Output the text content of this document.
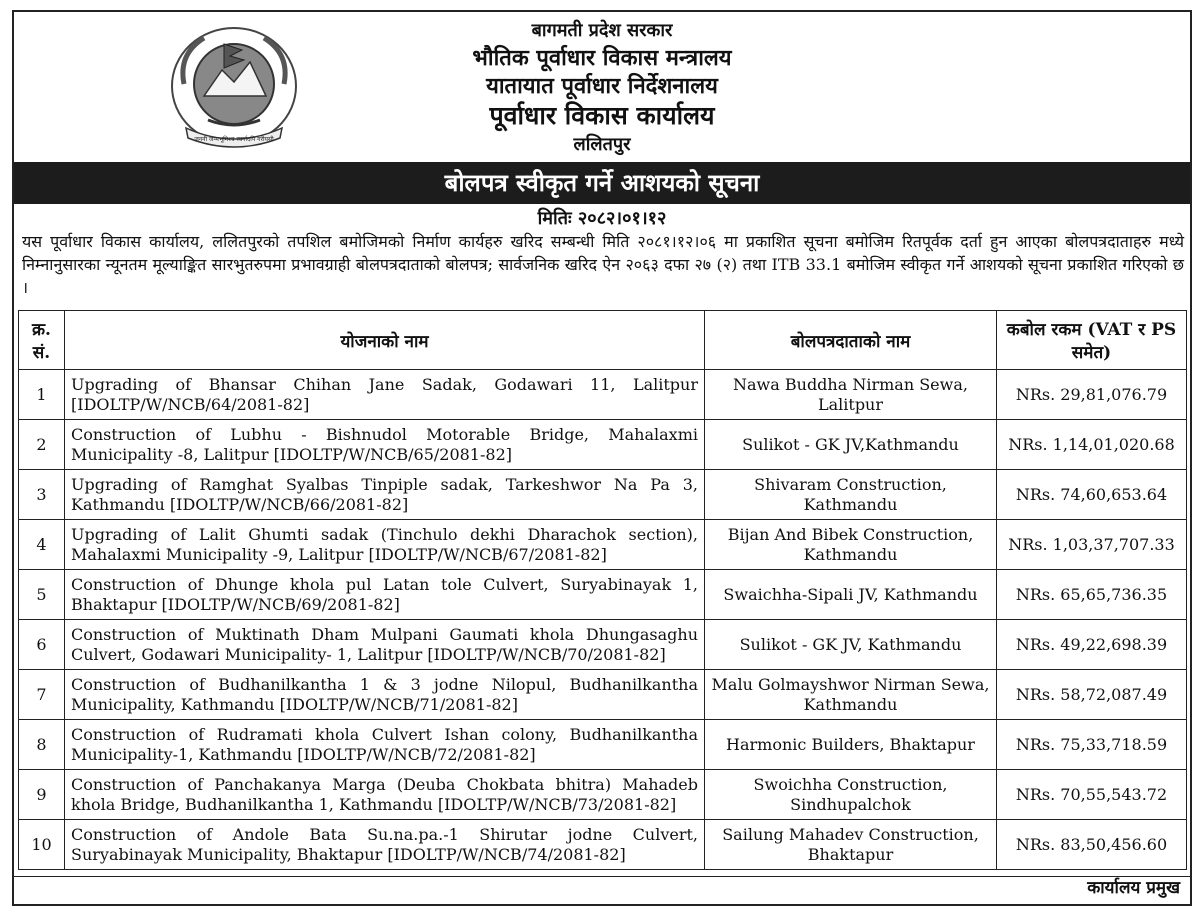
जननी जन्मभूमिश्च स्वर्गादपि गरीयसी
बागमती प्रदेश सरकार
भौतिक पूर्वाधार विकास मन्त्रालय
यातायात पूर्वाधार निर्देशनालय
पूर्वाधार विकास कार्यालय
ललितपुर
बोलपत्र स्वीकृत गर्ने आशयको सूचना
मितिः २०८२।०१।१२
यस पूर्वाधार विकास कार्यालय, ललितपुरको तपशिल बमोजिमको निर्माण कार्यहरु खरिद सम्बन्धी मिति २०८१।१२।०६ मा प्रकाशित सूचना बमोजिम रितपूर्वक दर्ता हुन आएका बोलपत्रदाताहरु मध्ये निम्नानुसारका न्यूनतम मूल्याङ्कित सारभुतरुपमा प्रभावग्राही बोलपत्रदाताको बोलपत्र; सार्वजनिक खरिद ऐन २०६३ दफा २७ (२) तथा ITB 33.1 बमोजिम स्वीकृत गर्ने आशयको सूचना प्रकाशित गरिएको छ ।

क्र. सं.	योजनाको नाम	बोलपत्रदाताको नाम	कबोल रकम (VAT र PS समेत)
1	Upgrading of Bhansar Chihan Jane Sadak, Godawari 11, Lalitpur [IDOLTP/W/NCB/64/2081-82]	Nawa Buddha Nirman Sewa, Lalitpur	NRs. 29,81,076.79
2	Construction of Lubhu - Bishnudol Motorable Bridge, Mahalaxmi Municipality -8, Lalitpur [IDOLTP/W/NCB/65/2081-82]	Sulikot - GK JV,Kathmandu	NRs. 1,14,01,020.68
3	Upgrading of Ramghat Syalbas Tinpiple sadak, Tarkeshwor Na Pa 3, Kathmandu [IDOLTP/W/NCB/66/2081-82]	Shivaram Construction, Kathmandu	NRs. 74,60,653.64
4	Upgrading of Lalit Ghumti sadak (Tinchulo dekhi Dharachok section), Mahalaxmi Municipality -9, Lalitpur [IDOLTP/W/NCB/67/2081-82]	Bijan And Bibek Construction, Kathmandu	NRs. 1,03,37,707.33
5	Construction of Dhunge khola pul Latan tole Culvert, Suryabinayak 1, Bhaktapur [IDOLTP/W/NCB/69/2081-82]	Swaichha-Sipali JV, Kathmandu	NRs. 65,65,736.35
6	Construction of Muktinath Dham Mulpani Gaumati khola Dhungasaghu Culvert, Godawari Municipality- 1, Lalitpur [IDOLTP/W/NCB/70/2081-82]	Sulikot - GK JV, Kathmandu	NRs. 49,22,698.39
7	Construction of Budhanilkantha 1 & 3 jodne Nilopul, Budhanilkantha Municipality, Kathmandu [IDOLTP/W/NCB/71/2081-82]	Malu Golmayshwor Nirman Sewa, Kathmandu	NRs. 58,72,087.49
8	Construction of Rudramati khola Culvert Ishan colony, Budhanilkantha Municipality-1, Kathmandu [IDOLTP/W/NCB/72/2081-82]	Harmonic Builders, Bhaktapur	NRs. 75,33,718.59
9	Construction of Panchakanya Marga (Deuba Chokbata bhitra) Mahadeb khola Bridge, Budhanilkantha 1, Kathmandu [IDOLTP/W/NCB/73/2081-82]	Swoichha Construction, Sindhupalchok	NRs. 70,55,543.72
10	Construction of Andole Bata Su.na.pa.-1 Shirutar jodne Culvert, Suryabinayak Municipality, Bhaktapur [IDOLTP/W/NCB/74/2081-82]	Sailung Mahadev Construction, Bhaktapur	NRs. 83,50,456.60
कार्यालय प्रमुख
